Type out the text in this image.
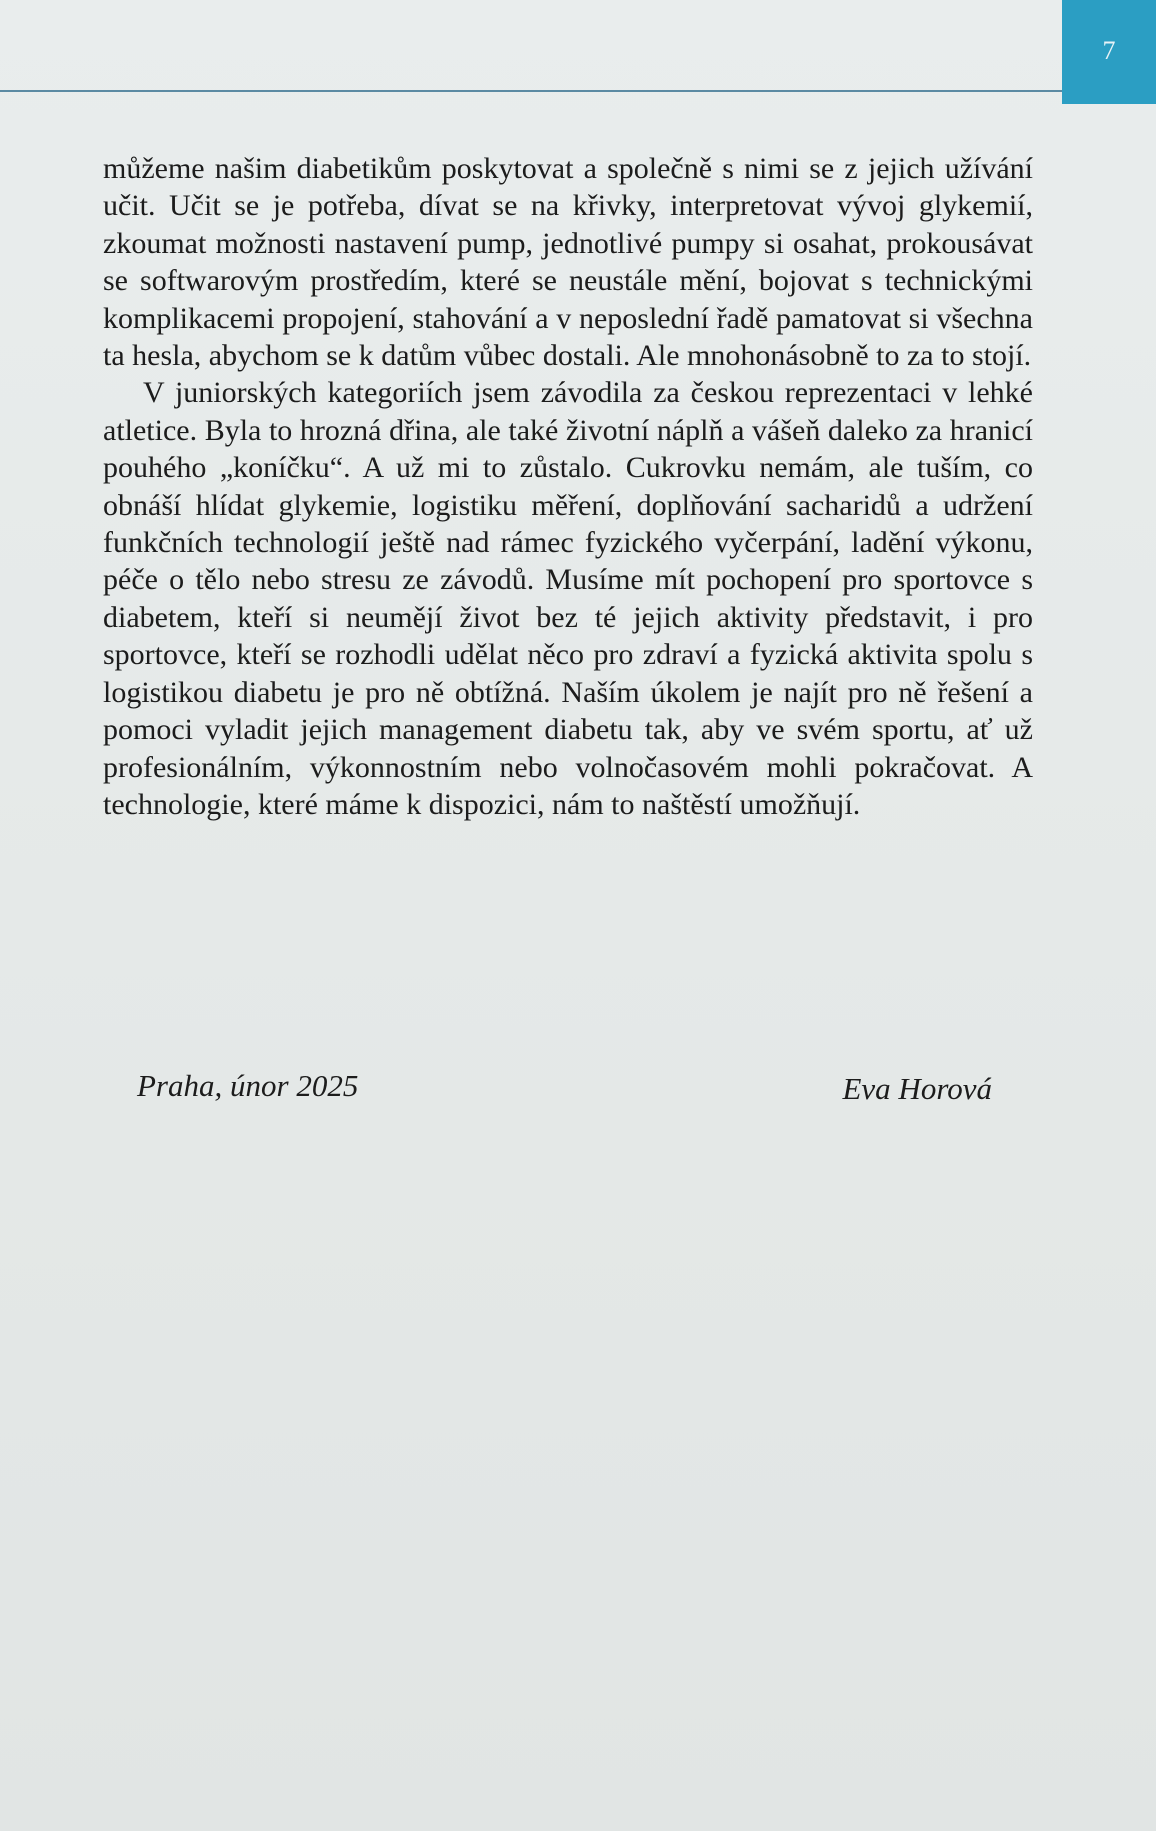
7

můžeme našim diabetikům poskytovat a společně s nimi se z jejich užívání učit. Učit se je potřeba, dívat se na křivky, interpretovat vývoj glykemií, zkoumat možnosti nastavení pump, jednotlivé pumpy si osahat, prokousávat se softwarovým prostředím, které se neustále mění, bojovat s technickými komplikacemi propojení, stahování a v neposlední řadě pamatovat si všechna ta hesla, abychom se k datům vůbec dostali. Ale mnohonásobně to za to stojí.

V juniorských kategoriích jsem závodila za českou reprezentaci v lehké atletice. Byla to hrozná dřina, ale také životní náplň a vášeň daleko za hranicí pouhého „koníčku“. A už mi to zůstalo. Cukrovku nemám, ale tuším, co obnáší hlídat glykemie, logistiku měření, doplňování sacharidů a udržení funkčních technologií ještě nad rámec fyzického vyčerpání, ladění výkonu, péče o tělo nebo stresu ze závodů. Musíme mít pochopení pro sportovce s diabetem, kteří si neumějí život bez té jejich aktivity představit, i pro sportovce, kteří se rozhodli udělat něco pro zdraví a fyzická aktivita spolu s logistikou diabetu je pro ně obtížná. Naším úkolem je najít pro ně řešení a pomoci vyladit jejich management diabetu tak, aby ve svém sportu, ať už profesionálním, výkonnostním nebo volnočasovém mohli pokračovat. A technologie, které máme k dispozici, nám to naštěstí umožňují.

Praha, únor 2025	Eva Horová
